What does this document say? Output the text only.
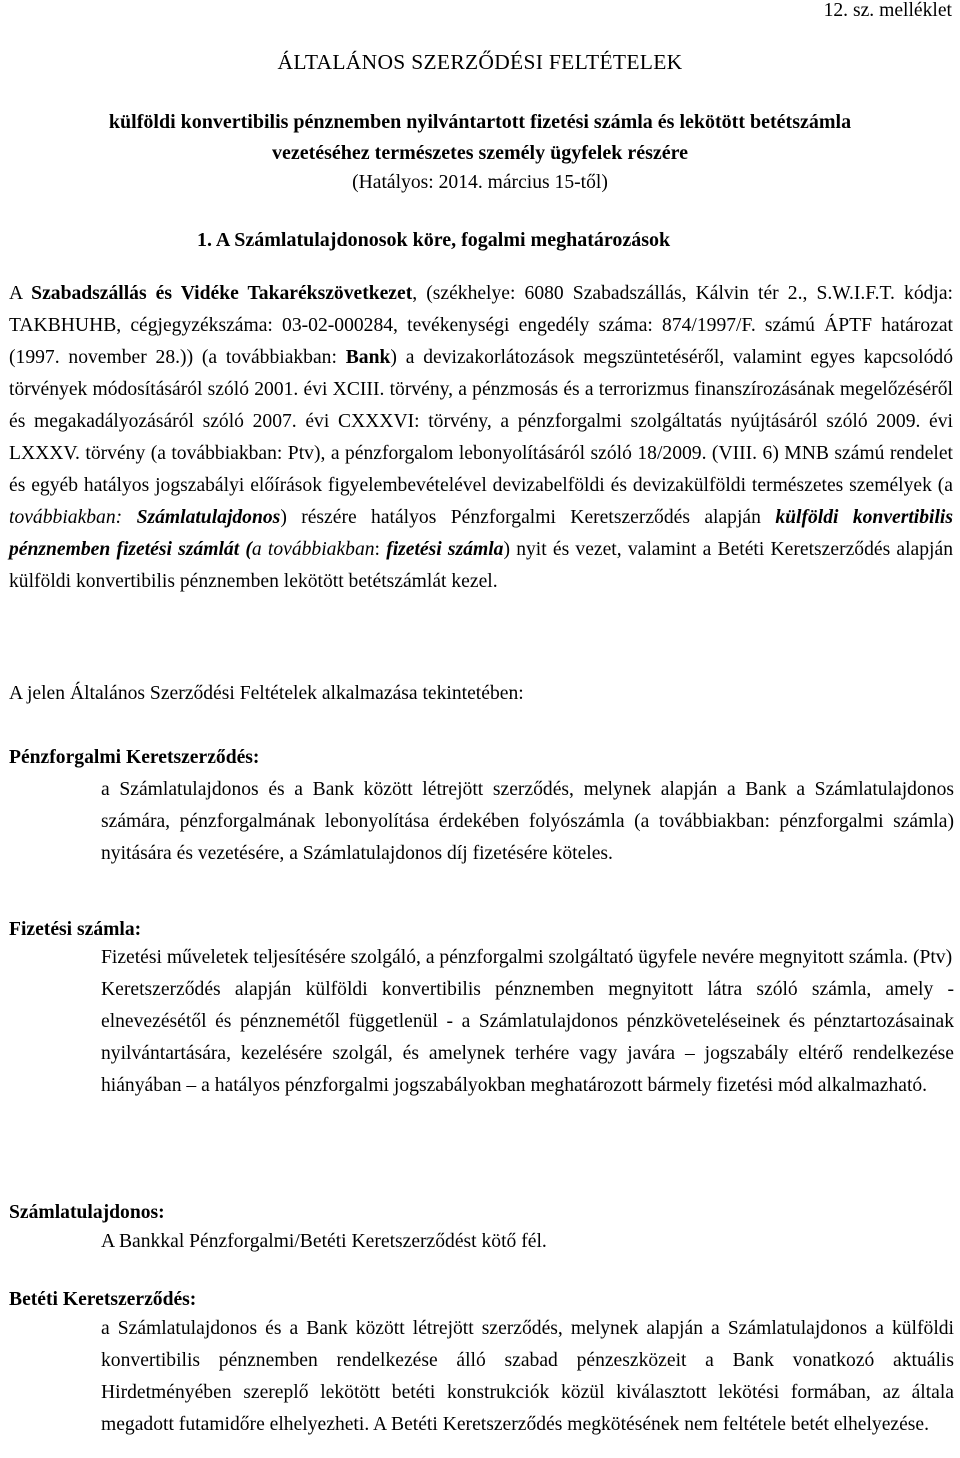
12. sz. melléklet
ÁLTALÁNOS SZERZŐDÉSI FELTÉTELEK
külföldi konvertibilis pénznemben nyilvántartott fizetési számla és lekötött betétszámla
vezetéséhez természetes személy ügyfelek részére
(Hatályos: 2014. március 15-től)
1. A Számlatulajdonosok köre, fogalmi meghatározások

A Szabadszállás és Vidéke Takarékszövetkezet, (székhelye: 6080 Szabadszállás, Kálvin tér 2., S.W.I.F.T. kódja: TAKBHUHB, cégjegyzékszáma: 03-02-000284, tevékenységi engedély száma: 874/1997/F. számú ÁPTF határozat (1997. november 28.)) (a továbbiakban: Bank) a devizakorlátozások megszüntetéséről, valamint egyes kapcsolódó törvények módosításáról szóló 2001. évi XCIII. törvény, a pénzmosás és a terrorizmus finanszírozásának megelőzéséről és megakadályozásáról szóló 2007. évi CXXXVI: törvény, a pénzforgalmi szolgáltatás nyújtásáról szóló 2009. évi LXXXV. törvény (a továbbiakban: Ptv), a pénzforgalom lebonyolításáról szóló 18/2009. (VIII. 6) MNB számú rendelet és egyéb hatályos jogszabályi előírások figyelembevételével devizabelföldi és devizakülföldi természetes személyek (a továbbiakban: Számlatulajdonos) részére hatályos Pénzforgalmi Keretszerződés alapján külföldi konvertibilis pénznemben fizetési számlát (a továbbiakban: fizetési számla) nyit és vezet, valamint a Betéti Keretszerződés alapján külföldi konvertibilis pénznemben lekötött betétszámlát kezel.

A jelen Általános Szerződési Feltételek alkalmazása tekintetében:
Pénzforgalmi Keretszerződés:

a Számlatulajdonos és a Bank között létrejött szerződés, melynek alapján a Bank a Számlatulajdonos számára, pénzforgalmának lebonyolítása érdekében folyószámla (a továbbiakban: pénzforgalmi számla) nyitására és vezetésére, a Számlatulajdonos díj fizetésére köteles.

Fizetési számla:

Fizetési műveletek teljesítésére szolgáló, a pénzforgalmi szolgáltató ügyfele nevére megnyitott számla. (Ptv)

Keretszerződés alapján külföldi konvertibilis pénznemben megnyitott látra szóló számla, amely - elnevezésétől és pénznemétől függetlenül - a Számlatulajdonos pénzköveteléseinek és pénztartozásainak nyilvántartására, kezelésére szolgál, és amelynek terhére vagy javára – jogszabály eltérő rendelkezése hiányában – a hatályos pénzforgalmi jogszabályokban meghatározott bármely fizetési mód alkalmazható.

Számlatulajdonos:

A Bankkal Pénzforgalmi/Betéti Keretszerződést kötő fél.

Betéti Keretszerződés:

a Számlatulajdonos és a Bank között létrejött szerződés, melynek alapján a Számlatulajdonos a külföldi konvertibilis pénznemben rendelkezése álló szabad pénzeszközeit a Bank vonatkozó aktuális Hirdetményében szereplő lekötött betéti konstrukciók közül kiválasztott lekötési formában, az általa megadott futamidőre elhelyezheti. A Betéti Keretszerződés megkötésének nem feltétele betét elhelyezése.
